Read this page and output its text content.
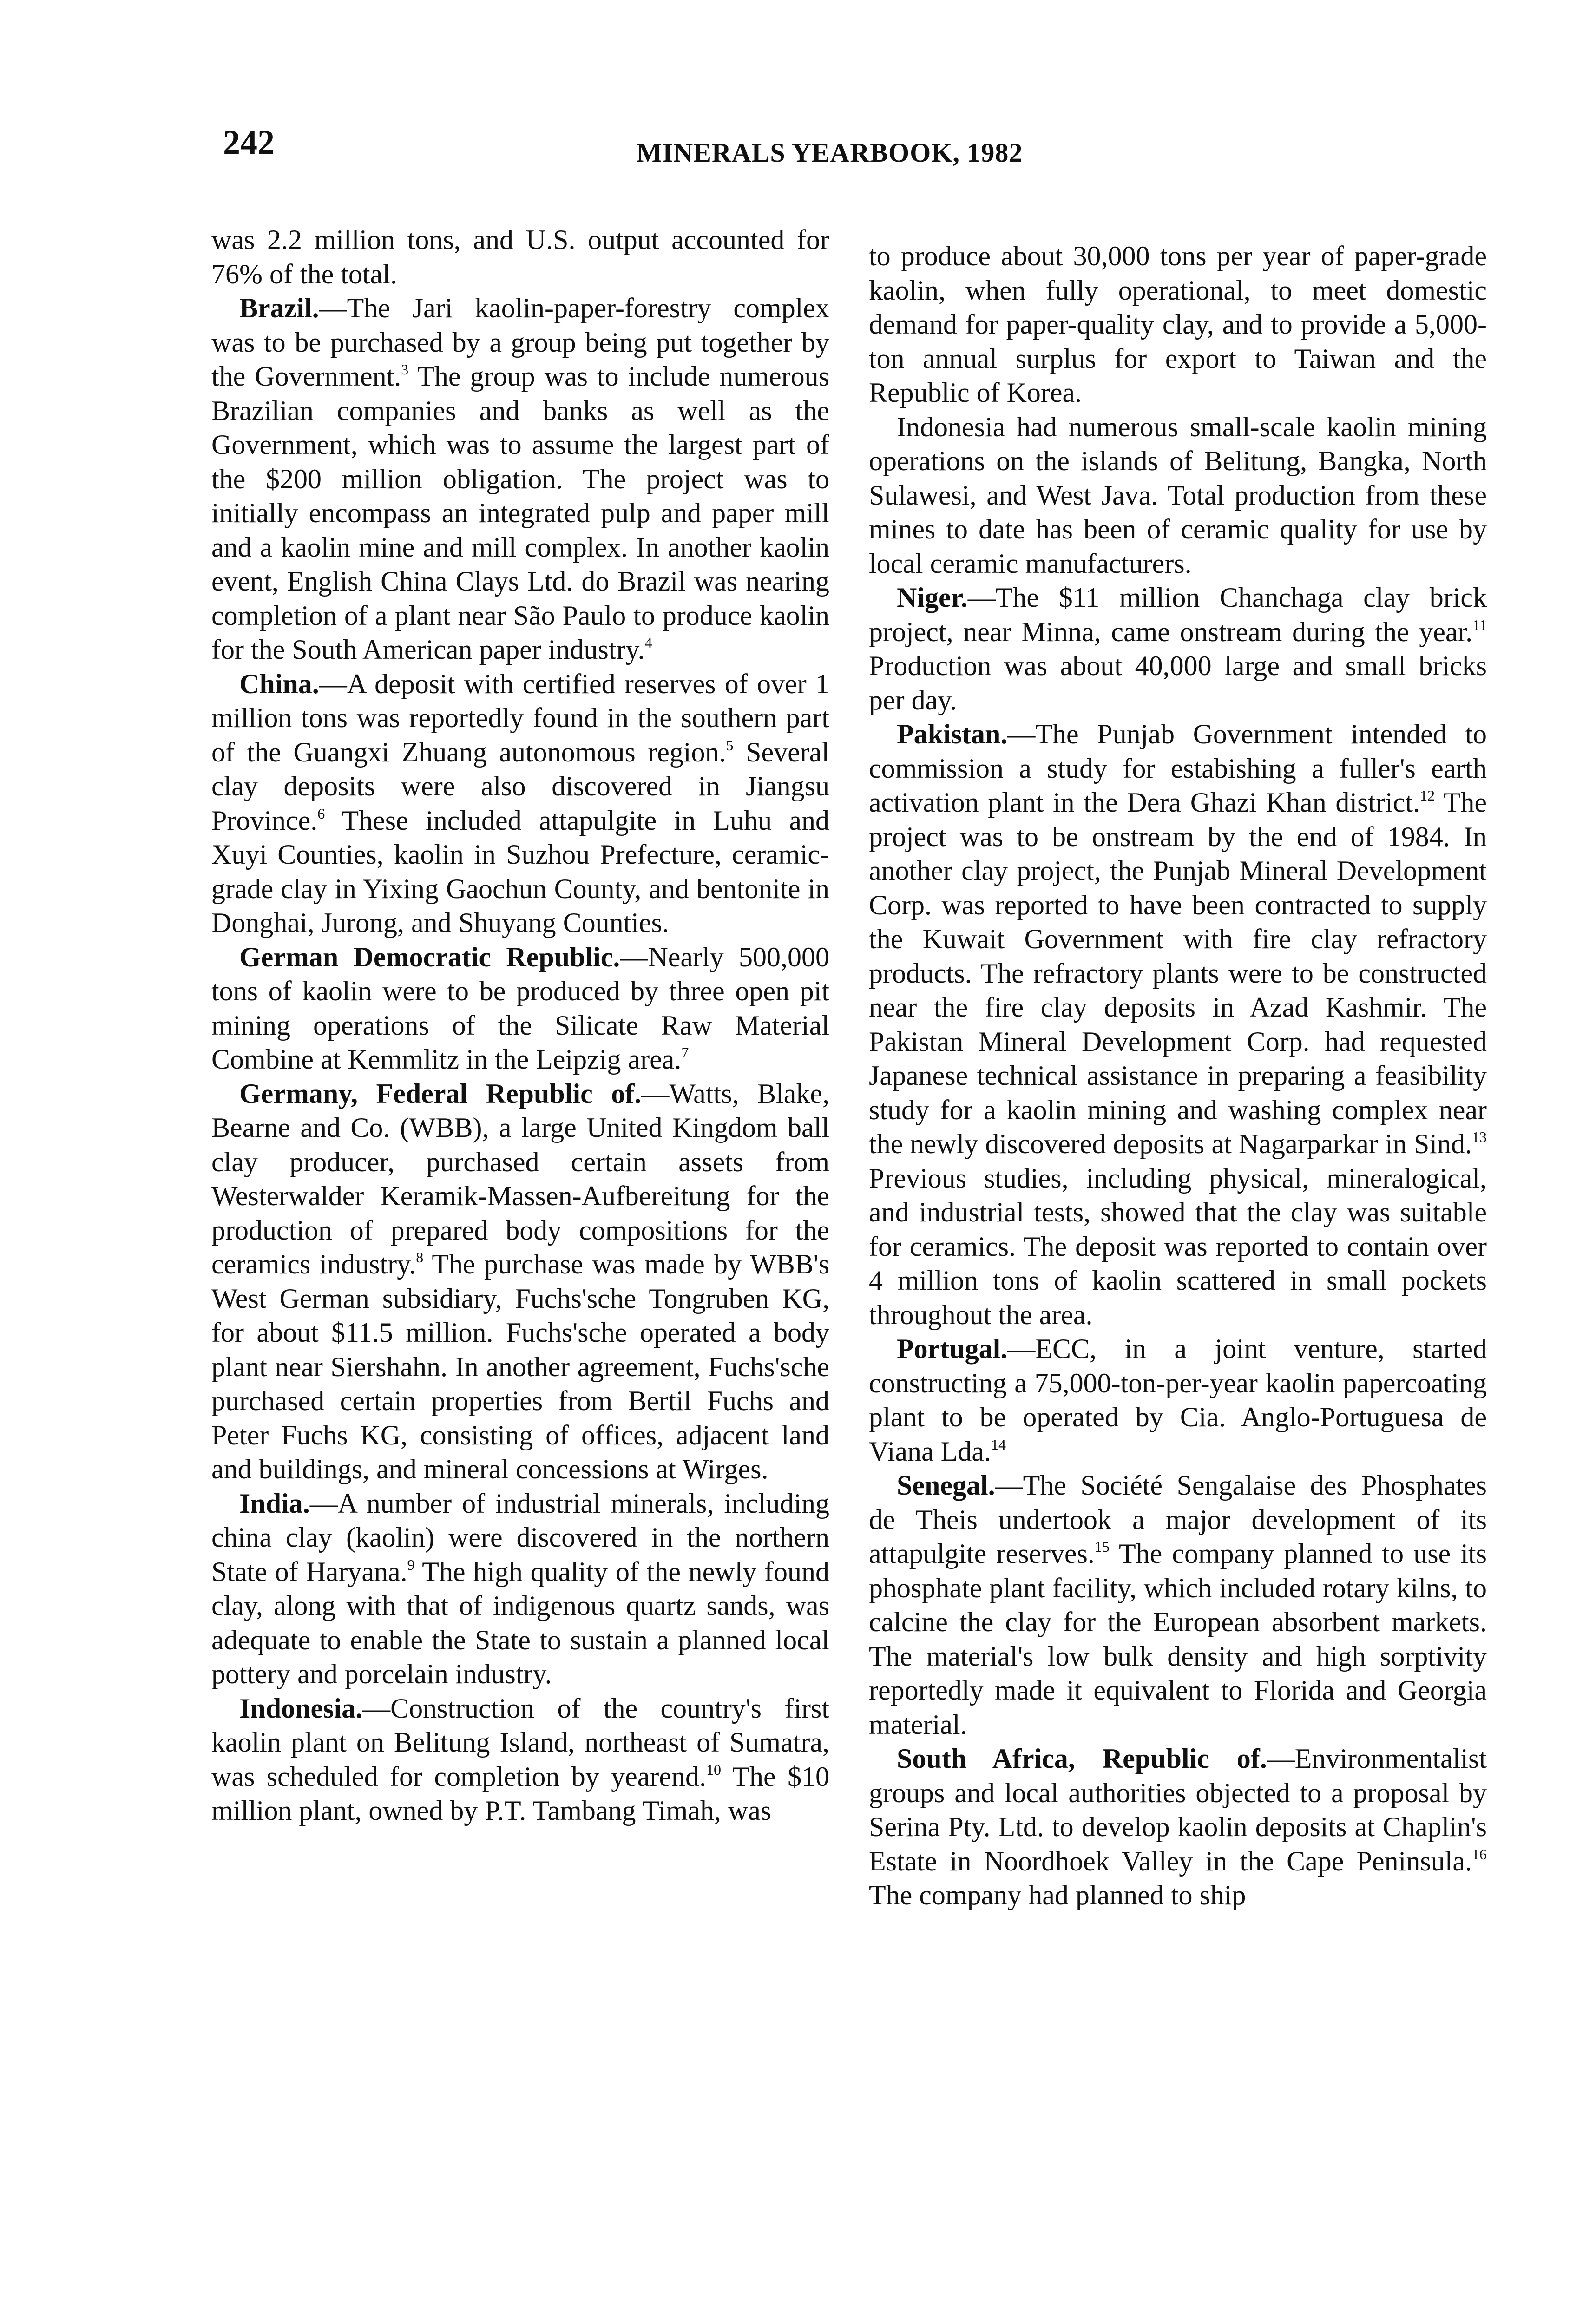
242	MINERALS YEARBOOK, 1982

was 2.2 million tons, and U.S. output accounted for 76% of the total.

Brazil.—The Jari kaolin-paper-forestry complex was to be purchased by a group being put together by the Government.$^3$ The group was to include numerous Brazilian companies and banks as well as the Government, which was to assume the largest part of the $200 million obligation. The project was to initially encompass an integrated pulp and paper mill and a kaolin mine and mill complex. In another kaolin event, English China Clays Ltd. do Brazil was nearing completion of a plant near São Paulo to produce kaolin for the South American paper industry.$^4$

China.—A deposit with certified reserves of over 1 million tons was reportedly found in the southern part of the Guangxi Zhuang autonomous region.$^5$ Several clay deposits were also discovered in Jiangsu Province.$^6$ These included attapulgite in Luhu and Xuyi Counties, kaolin in Suzhou Prefecture, ceramic-grade clay in Yixing Gaochun County, and bentonite in Donghai, Jurong, and Shuyang Counties.

German Democratic Republic.—Nearly 500,000 tons of kaolin were to be produced by three open pit mining operations of the Silicate Raw Material Combine at Kemmlitz in the Leipzig area.$^7$

Germany, Federal Republic of.—Watts, Blake, Bearne and Co. (WBB), a large United Kingdom ball clay producer, purchased certain assets from Westerwalder Keramik-Massen-Aufbereitung for the production of prepared body compositions for the ceramics industry.$^8$ The purchase was made by WBB's West German subsidiary, Fuchs'sche Tongruben KG, for about $11.5 million. Fuchs'sche operated a body plant near Siershahn. In another agreement, Fuchs'sche purchased certain properties from Bertil Fuchs and Peter Fuchs KG, consisting of offices, adjacent land and buildings, and mineral concessions at Wirges.

India.—A number of industrial minerals, including china clay (kaolin) were discovered in the northern State of Haryana.$^9$ The high quality of the newly found clay, along with that of indigenous quartz sands, was adequate to enable the State to sustain a planned local pottery and porcelain industry.

Indonesia.—Construction of the country's first kaolin plant on Belitung Island, northeast of Sumatra, was scheduled for completion by yearend.$^{10}$ The $10 million plant, owned by P.T. Tambang Timah, was

to produce about 30,000 tons per year of paper-grade kaolin, when fully operational, to meet domestic demand for paper-quality clay, and to provide a 5,000-ton annual surplus for export to Taiwan and the Republic of Korea.

Indonesia had numerous small-scale kaolin mining operations on the islands of Belitung, Bangka, North Sulawesi, and West Java. Total production from these mines to date has been of ceramic quality for use by local ceramic manufacturers.

Niger.—The $11 million Chanchaga clay brick project, near Minna, came onstream during the year.$^{11}$ Production was about 40,000 large and small bricks per day.

Pakistan.—The Punjab Government intended to commission a study for estabishing a fuller's earth activation plant in the Dera Ghazi Khan district.$^{12}$ The project was to be onstream by the end of 1984. In another clay project, the Punjab Mineral Development Corp. was reported to have been contracted to supply the Kuwait Government with fire clay refractory products. The refractory plants were to be constructed near the fire clay deposits in Azad Kashmir. The Pakistan Mineral Development Corp. had requested Japanese technical assistance in preparing a feasibility study for a kaolin mining and washing complex near the newly discovered deposits at Nagarparkar in Sind.$^{13}$ Previous studies, including physical, mineralogical, and industrial tests, showed that the clay was suitable for ceramics. The deposit was reported to contain over 4 million tons of kaolin scattered in small pockets throughout the area.

Portugal.—ECC, in a joint venture, started constructing a 75,000-ton-per-year kaolin papercoating plant to be operated by Cia. Anglo-Portuguesa de Viana Lda.$^{14}$

Senegal.—The Société Sengalaise des Phosphates de Theis undertook a major development of its attapulgite reserves.$^{15}$ The company planned to use its phosphate plant facility, which included rotary kilns, to calcine the clay for the European absorbent markets. The material's low bulk density and high sorptivity reportedly made it equivalent to Florida and Georgia material.

South Africa, Republic of.—Environmentalist groups and local authorities objected to a proposal by Serina Pty. Ltd. to develop kaolin deposits at Chaplin's Estate in Noordhoek Valley in the Cape Peninsula.$^{16}$ The company had planned to ship
